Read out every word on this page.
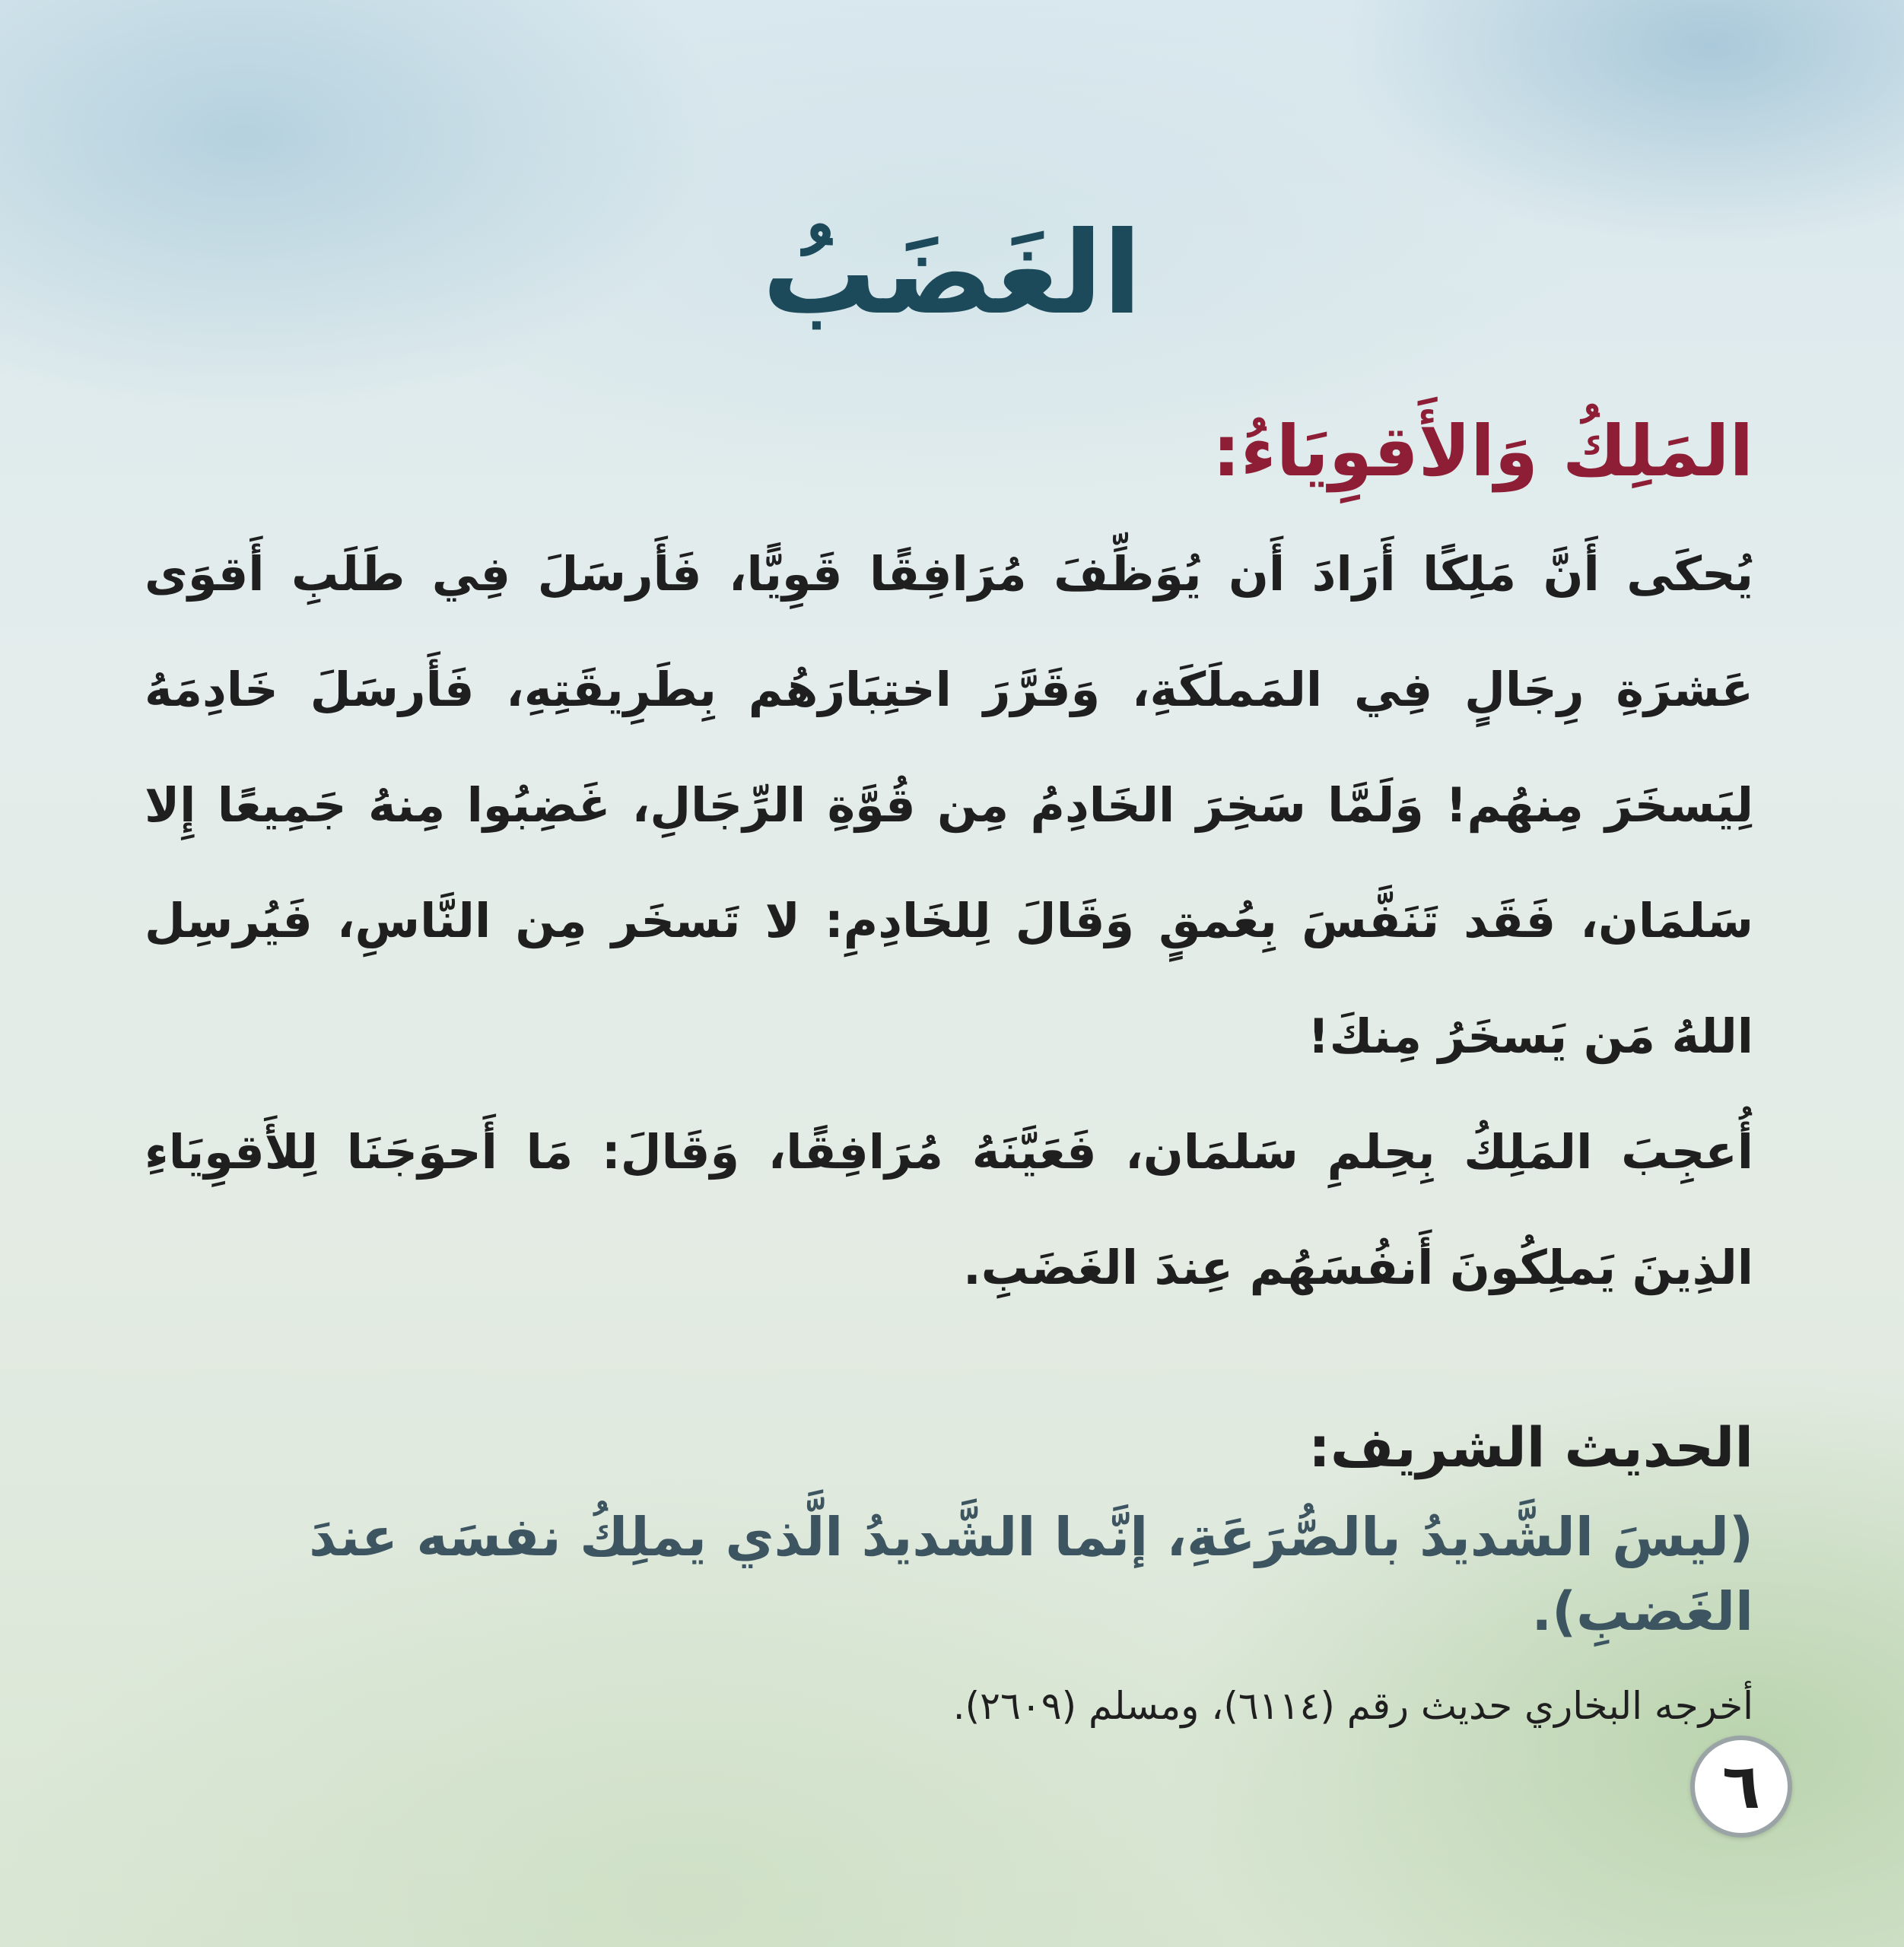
الغَضَبُ
المَلِكُ وَالأَقوِيَاءُ:

يُحكَى أَنَّ مَلِكًا أَرَادَ أَن يُوَظِّفَ مُرَافِقًا قَوِيًّا، فَأَرسَلَ فِي طَلَبِ أَقوَى عَشرَةِ رِجَالٍ فِي المَملَكَةِ، وَقَرَّرَ اختِبَارَهُم بِطَرِيقَتِهِ، فَأَرسَلَ خَادِمَهُ لِيَسخَرَ مِنهُم! وَلَمَّا سَخِرَ الخَادِمُ مِن قُوَّةِ الرِّجَالِ، غَضِبُوا مِنهُ جَمِيعًا إِلا سَلمَان، فَقَد تَنَفَّسَ بِعُمقٍ وَقَالَ لِلخَادِمِ: لا تَسخَر مِن النَّاسِ، فَيُرسِل اللهُ مَن يَسخَرُ مِنكَ!

أُعجِبَ المَلِكُ بِحِلمِ سَلمَان، فَعَيَّنَهُ مُرَافِقًا، وَقَالَ: مَا أَحوَجَنَا لِلأَقوِيَاءِ الذِينَ يَملِكُونَ أَنفُسَهُم عِندَ الغَضَبِ.

الحديث الشريف:
(ليسَ الشَّديدُ بالصُّرَعَةِ، إنَّما الشَّديدُ الَّذي يملِكُ نفسَه عندَ الغَضبِ).
أخرجه البخاري حديث رقم (٦١١٤)، ومسلم (٢٦٠٩).
٦
